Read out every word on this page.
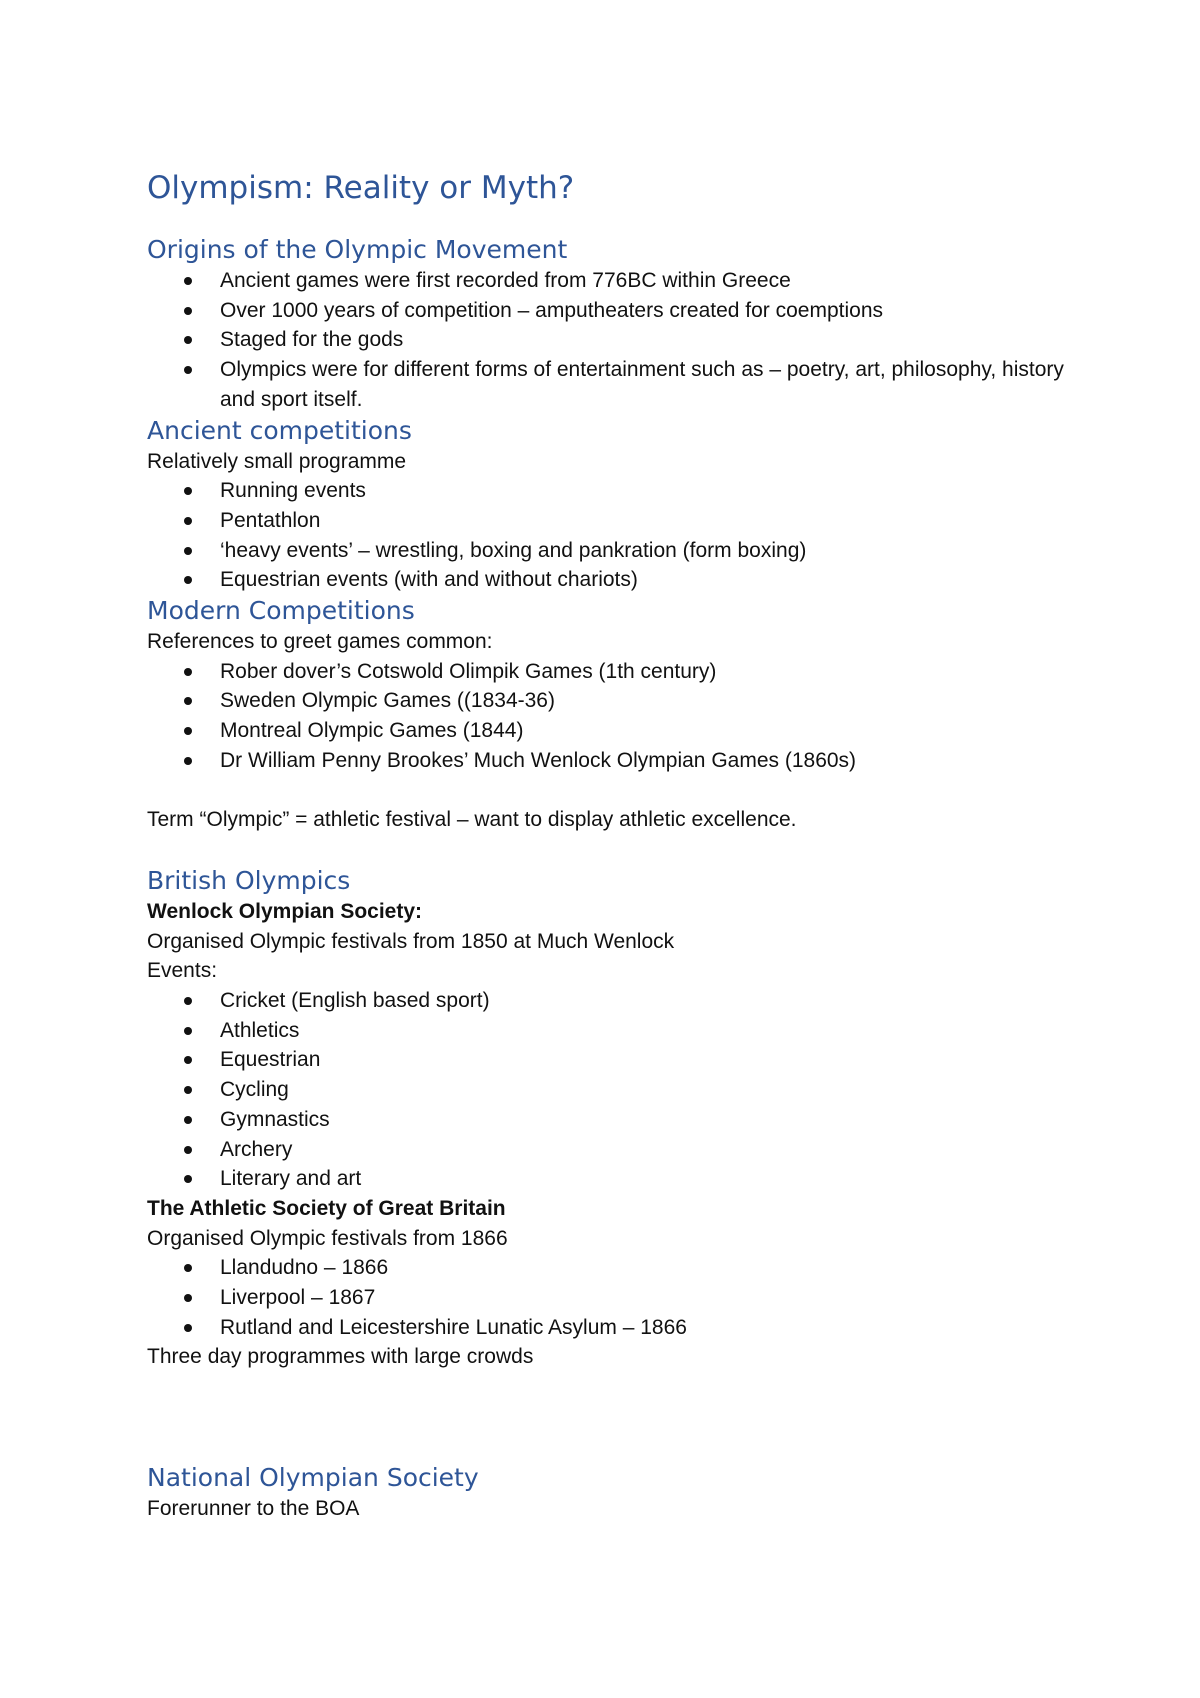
Olympism: Reality or Myth?
Origins of the Olympic Movement
Ancient games were first recorded from 776BC within Greece
Over 1000 years of competition – amputheaters created for coemptions
Staged for the gods
Olympics were for different forms of entertainment such as – poetry, art, philosophy, history and sport itself.
Ancient competitions

Relatively small programme

Running events
Pentathlon
‘heavy events’ – wrestling, boxing and pankration (form boxing)
Equestrian events (with and without chariots)
Modern Competitions

References to greet games common:

Rober dover’s Cotswold Olimpik Games (1th century)
Sweden Olympic Games ((1834-36)
Montreal Olympic Games (1844)
Dr William Penny Brookes’ Much Wenlock Olympian Games (1860s)

Term “Olympic” = athletic festival – want to display athletic excellence.

British Olympics

Wenlock Olympian Society:

Organised Olympic festivals from 1850 at Much Wenlock

Events:

Cricket (English based sport)
Athletics
Equestrian
Cycling
Gymnastics
Archery
Literary and art

The Athletic Society of Great Britain

Organised Olympic festivals from 1866

Llandudno – 1866
Liverpool – 1867
Rutland and Leicestershire Lunatic Asylum – 1866

Three day programmes with large crowds

National Olympian Society

Forerunner to the BOA
